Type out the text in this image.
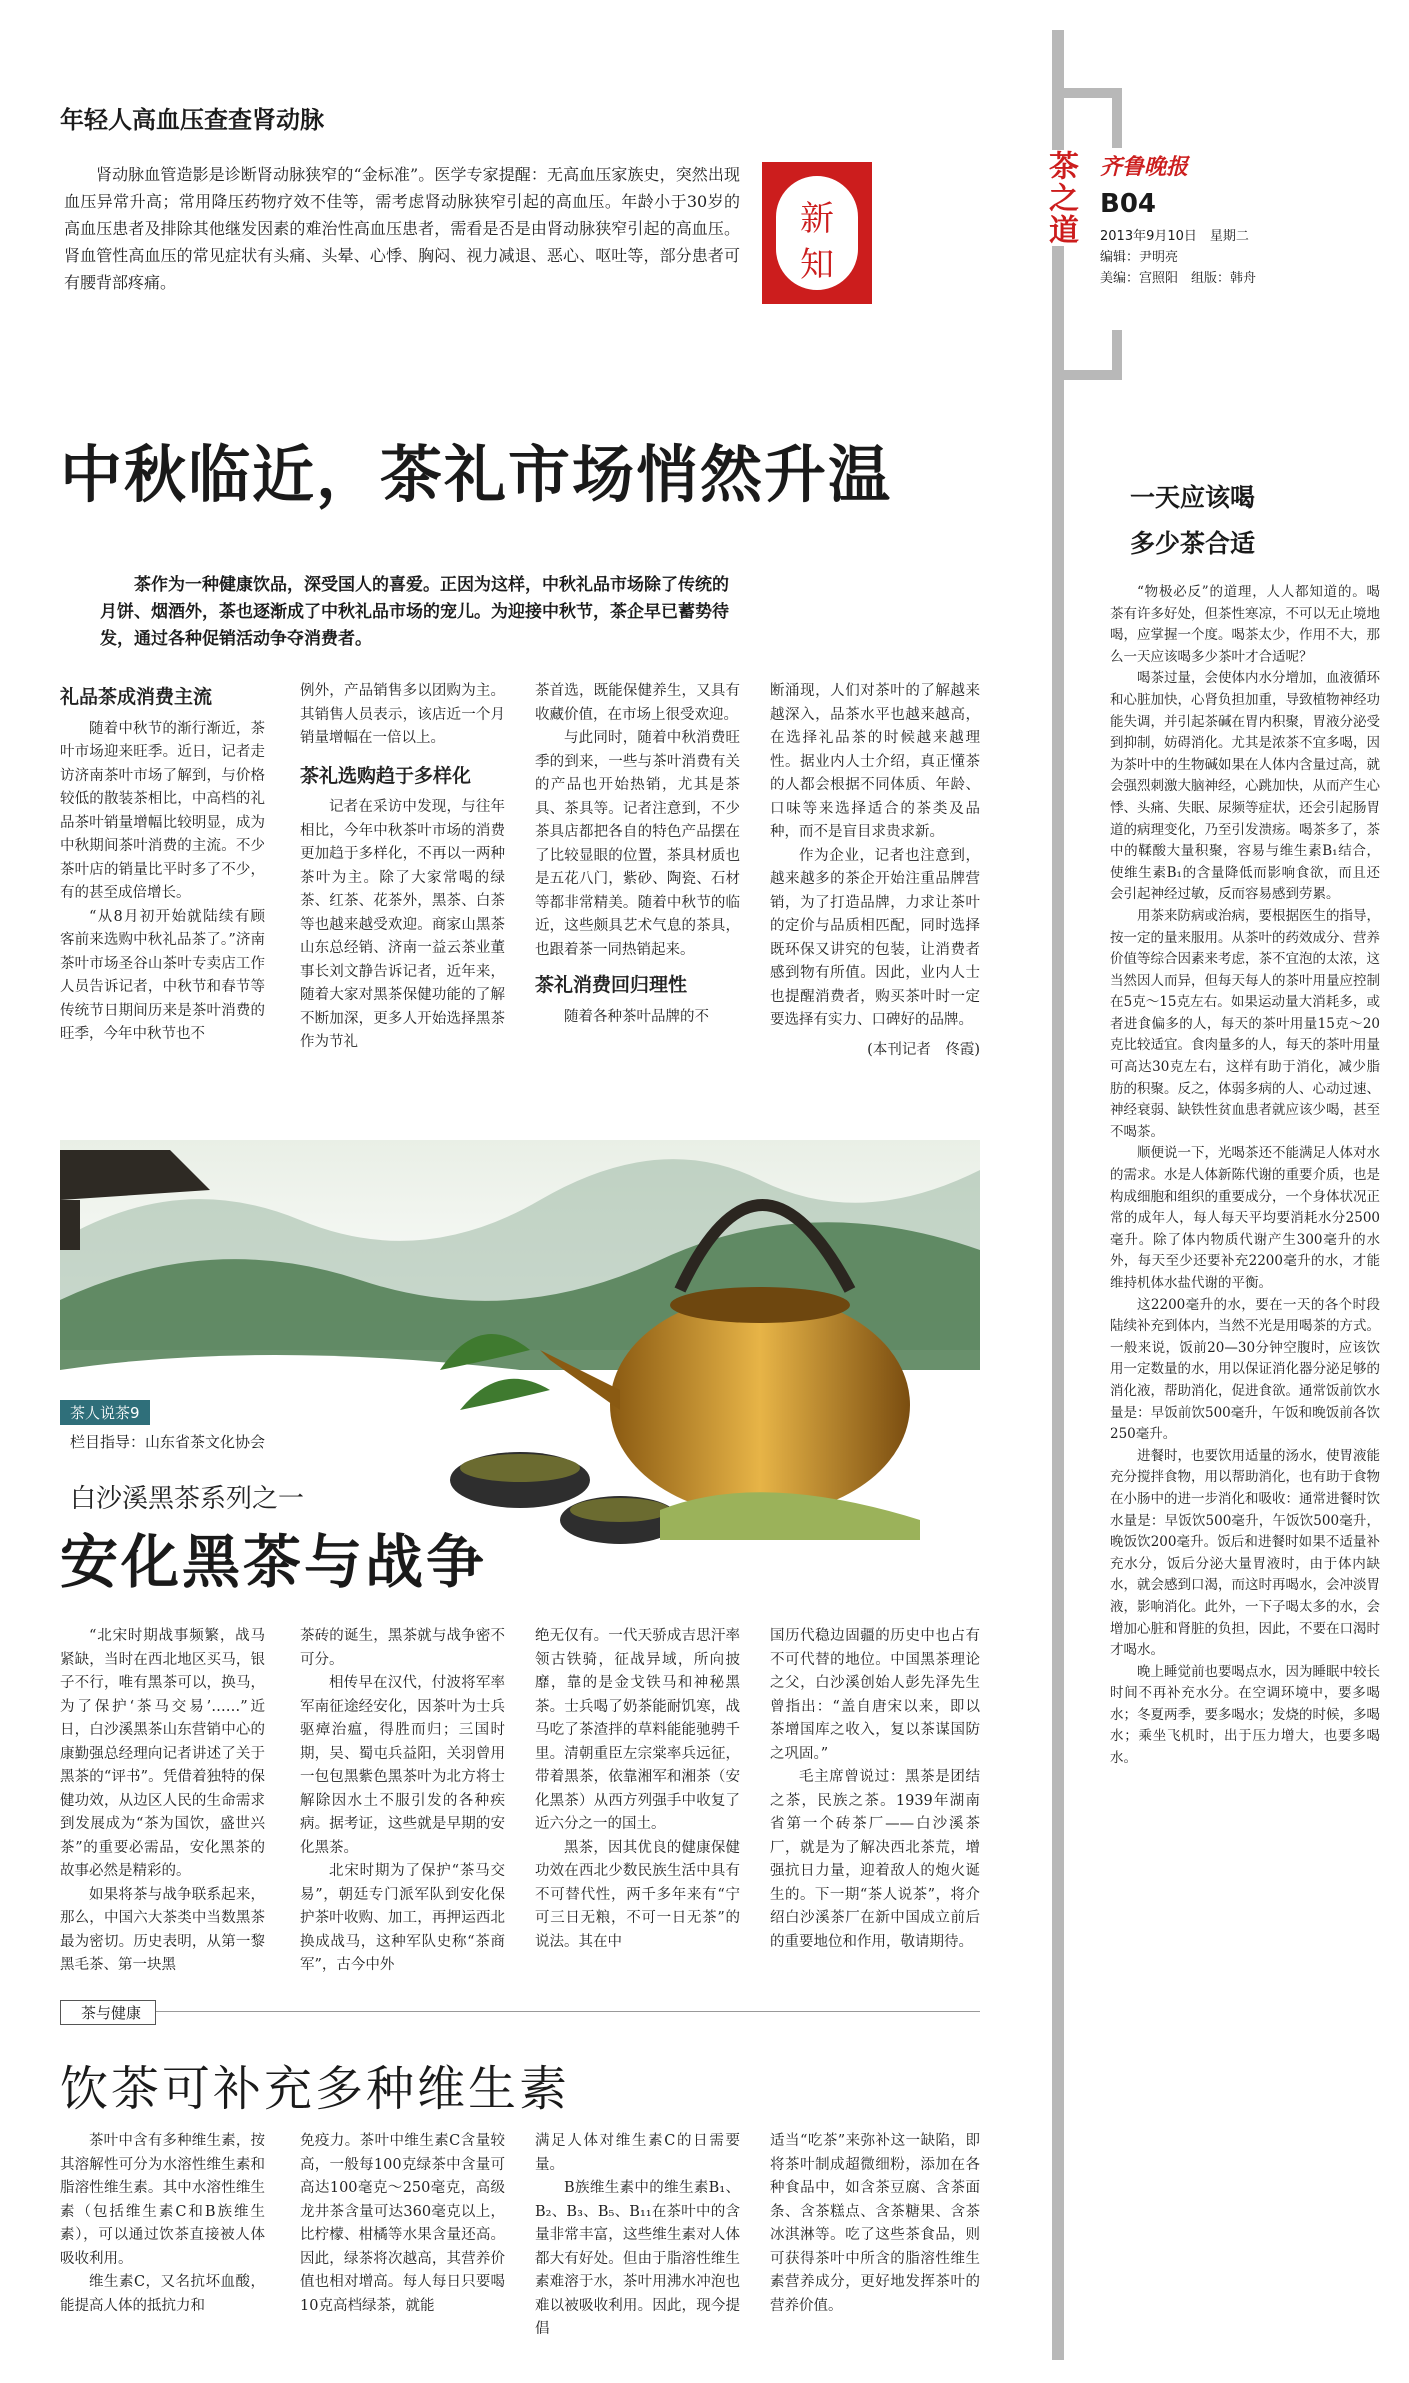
年轻人高血压查查肾动脉

肾动脉血管造影是诊断肾动脉狭窄的“金标准”。医学专家提醒：无高血压家族史，突然出现血压异常升高；常用降压药物疗效不佳等，需考虑肾动脉狭窄引起的高血压。年龄小于30岁的高血压患者及排除其他继发因素的难治性高血压患者，需看是否是由肾动脉狭窄引起的高血压。肾血管性高血压的常见症状有头痛、头晕、心悸、胸闷、视力减退、恶心、呕吐等，部分患者可有腰背部疼痛。

新
知
茶之道 齐鲁晚报
B04
2013年9月10日　星期二
编辑：尹明亮
美编：宫照阳　组版：韩舟
中秋临近，茶礼市场悄然升温
茶作为一种健康饮品，深受国人的喜爱。正因为这样，中秋礼品市场除了传统的月饼、烟酒外，茶也逐渐成了中秋礼品市场的宠儿。为迎接中秋节，茶企早已蓄势待发，通过各种促销活动争夺消费者。
礼品茶成消费主流

随着中秋节的渐行渐近，茶叶市场迎来旺季。近日，记者走访济南茶叶市场了解到，与价格较低的散装茶相比，中高档的礼品茶叶销量增幅比较明显，成为中秋期间茶叶消费的主流。不少茶叶店的销量比平时多了不少，有的甚至成倍增长。

“从8月初开始就陆续有顾客前来选购中秋礼品茶了。”济南茶叶市场圣谷山茶叶专卖店工作人员告诉记者，中秋节和春节等传统节日期间历来是茶叶消费的旺季，今年中秋节也不

例外，产品销售多以团购为主。其销售人员表示，该店近一个月销量增幅在一倍以上。

茶礼选购趋于多样化

记者在采访中发现，与往年相比，今年中秋茶叶市场的消费更加趋于多样化，不再以一两种茶叶为主。除了大家常喝的绿茶、红茶、花茶外，黑茶、白茶等也越来越受欢迎。商家山黑茶山东总经销、济南一益云茶业董事长刘文静告诉记者，近年来，随着大家对黑茶保健功能的了解不断加深，更多人开始选择黑茶作为节礼

茶首选，既能保健养生，又具有收藏价值，在市场上很受欢迎。

与此同时，随着中秋消费旺季的到来，一些与茶叶消费有关的产品也开始热销，尤其是茶具、茶具等。记者注意到，不少茶具店都把各自的特色产品摆在了比较显眼的位置，茶具材质也是五花八门，紫砂、陶瓷、石材等都非常精美。随着中秋节的临近，这些颇具艺术气息的茶具，也跟着茶一同热销起来。

茶礼消费回归理性

随着各种茶叶品牌的不

断涌现，人们对茶叶的了解越来越深入，品茶水平也越来越高，在选择礼品茶的时候越来越理性。据业内人士介绍，真正懂茶的人都会根据不同体质、年龄、口味等来选择适合的茶类及品种，而不是盲目求贵求新。

作为企业，记者也注意到，越来越多的茶企开始注重品牌营销，为了打造品牌，力求让茶叶的定价与品质相匹配，同时选择既环保又讲究的包装，让消费者感到物有所值。因此，业内人士也提醒消费者，购买茶叶时一定要选择有实力、口碑好的品牌。

(本刊记者　佟霞)
茶人说茶9
栏目指导：山东省茶文化协会
白沙溪黑茶系列之一
安化黑茶与战争

“北宋时期战事频繁，战马紧缺，当时在西北地区买马，银子不行，唯有黑茶可以，换马，为了保护‘茶马交易’……”近日，白沙溪黑茶山东营销中心的康勤强总经理向记者讲述了关于黑茶的“评书”。凭借着独特的保健功效，从边区人民的生命需求到发展成为“茶为国饮，盛世兴茶”的重要必需品，安化黑茶的故事必然是精彩的。

如果将茶与战争联系起来，那么，中国六大茶类中当数黑茶最为密切。历史表明，从第一黎黑毛茶、第一块黑

茶砖的诞生，黑茶就与战争密不可分。

相传早在汉代，付波将军率军南征途经安化，因茶叶为士兵驱瘴治瘟，得胜而归；三国时期，吴、蜀屯兵益阳，关羽曾用一包包黑紫色黑茶叶为北方将士解除因水土不服引发的各种疾病。据考证，这些就是早期的安化黑茶。

北宋时期为了保护“茶马交易”，朝廷专门派军队到安化保护茶叶收购、加工，再押运西北换成战马，这种军队史称“茶商军”，古今中外

绝无仅有。一代天骄成吉思汗率领古铁骑，征战异域，所向披靡，靠的是金戈铁马和神秘黑茶。士兵喝了奶茶能耐饥寒，战马吃了茶渣拌的草料能能驰骋千里。清朝重臣左宗棠率兵远征，带着黑茶，依靠湘军和湘茶（安化黑茶）从西方列强手中收复了近六分之一的国土。

黑茶，因其优良的健康保健功效在西北少数民族生活中具有不可替代性，两千多年来有“宁可三日无粮，不可一日无茶”的说法。其在中

国历代稳边固疆的历史中也占有不可代替的地位。中国黑茶理论之父，白沙溪创始人彭先泽先生曾指出：“盖自唐宋以来，即以茶增国库之收入，复以茶谋国防之巩固。”

毛主席曾说过：黑茶是团结之茶，民族之茶。1939年湖南省第一个砖茶厂——白沙溪茶厂，就是为了解决西北茶荒，增强抗日力量，迎着敌人的炮火诞生的。下一期“茶人说茶”，将介绍白沙溪茶厂在新中国成立前后的重要地位和作用，敬请期待。

茶与健康
饮茶可补充多种维生素

茶叶中含有多种维生素，按其溶解性可分为水溶性维生素和脂溶性维生素。其中水溶性维生素（包括维生素C和B族维生素），可以通过饮茶直接被人体吸收利用。

维生素C，又名抗坏血酸，能提高人体的抵抗力和

免疫力。茶叶中维生素C含量较高，一般每100克绿茶中含量可高达100毫克～250毫克，高级龙井茶含量可达360毫克以上，比柠檬、柑橘等水果含量还高。因此，绿茶将次越高，其营养价值也相对增高。每人每日只要喝10克高档绿茶，就能

满足人体对维生素C的日需要量。

B族维生素中的维生素B₁、B₂、B₃、B₅、B₁₁在茶叶中的含量非常丰富，这些维生素对人体都大有好处。但由于脂溶性维生素难溶于水，茶叶用沸水冲泡也难以被吸收利用。因此，现今提倡

适当“吃茶”来弥补这一缺陷，即将茶叶制成超微细粉，添加在各种食品中，如含茶豆腐、含茶面条、含茶糕点、含茶糖果、含茶冰淇淋等。吃了这些茶食品，则可获得茶叶中所含的脂溶性维生素营养成分，更好地发挥茶叶的营养价值。

一天应该喝
多少茶合适

“物极必反”的道理，人人都知道的。喝茶有许多好处，但茶性寒凉，不可以无止境地喝，应掌握一个度。喝茶太少，作用不大，那么一天应该喝多少茶叶才合适呢？

喝茶过量，会使体内水分增加，血液循环和心脏加快，心肾负担加重，导致植物神经功能失调，并引起茶碱在胃内积聚，胃液分泌受到抑制，妨碍消化。尤其是浓茶不宜多喝，因为茶叶中的生物碱如果在人体内含量过高，就会强烈刺激大脑神经，心跳加快，从而产生心悸、头痛、失眠、尿频等症状，还会引起肠胃道的病理变化，乃至引发溃疡。喝茶多了，茶中的鞣酸大量积聚，容易与维生素B₁结合，使维生素B₁的含量降低而影响食欲，而且还会引起神经过敏，反而容易感到劳累。

用茶来防病或治病，要根据医生的指导，按一定的量来服用。从茶叶的药效成分、营养价值等综合因素来考虑，茶不宜泡的太浓，这当然因人而异，但每天每人的茶叶用量应控制在5克～15克左右。如果运动量大消耗多，或者进食偏多的人，每天的茶叶用量15克～20克比较适宜。食肉量多的人，每天的茶叶用量可高达30克左右，这样有助于消化，减少脂肪的积聚。反之，体弱多病的人、心动过速、神经衰弱、缺铁性贫血患者就应该少喝，甚至不喝茶。

顺便说一下，光喝茶还不能满足人体对水的需求。水是人体新陈代谢的重要介质，也是构成细胞和组织的重要成分，一个身体状况正常的成年人，每人每天平均要消耗水分2500毫升。除了体内物质代谢产生300毫升的水外，每天至少还要补充2200毫升的水，才能维持机体水盐代谢的平衡。

这2200毫升的水，要在一天的各个时段陆续补充到体内，当然不光是用喝茶的方式。一般来说，饭前20—30分钟空腹时，应该饮用一定数量的水，用以保证消化器分泌足够的消化液，帮助消化，促进食欲。通常饭前饮水量是：早饭前饮500毫升，午饭和晚饭前各饮250毫升。

进餐时，也要饮用适量的汤水，使胃液能充分搅拌食物，用以帮助消化，也有助于食物在小肠中的进一步消化和吸收：通常进餐时饮水量是：早饭饮500毫升，午饭饮500毫升，晚饭饮200毫升。饭后和进餐时如果不适量补充水分，饭后分泌大量胃液时，由于体内缺水，就会感到口渴，而这时再喝水，会冲淡胃液，影响消化。此外，一下子喝太多的水，会增加心脏和肾脏的负担，因此，不要在口渴时才喝水。

晚上睡觉前也要喝点水，因为睡眠中较长时间不再补充水分。在空调环境中，要多喝水；冬夏两季，要多喝水；发烧的时候，多喝水；乘坐飞机时，出于压力增大，也要多喝水。
